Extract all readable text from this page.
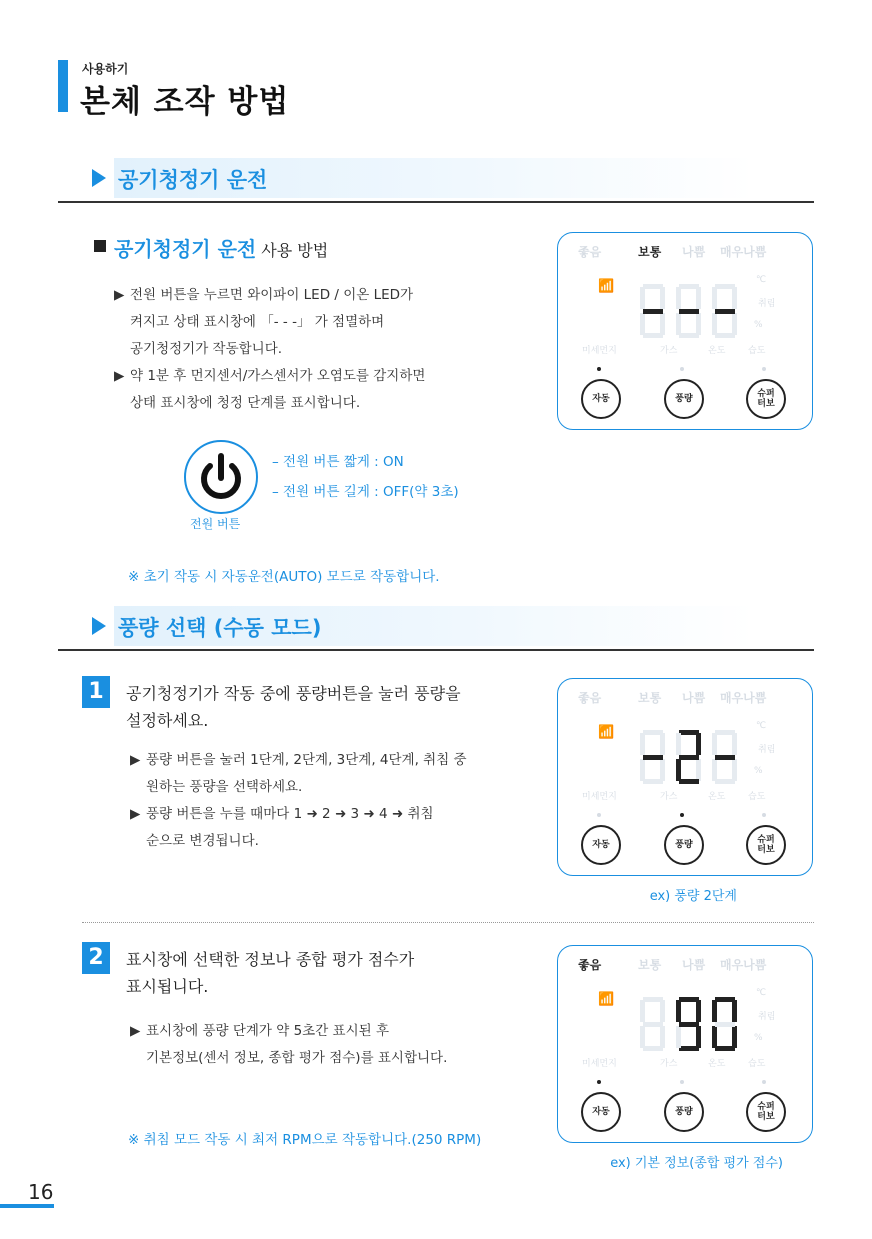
사용하기
본체 조작 방법
공기청정기 운전
공기청정기 운전 사용 방법
▶ 전원 버튼을 누르면 와이파이 LED / 이온 LED가
켜지고 상태 표시창에 「- - -」 가 점멸하며
공기청정기가 작동합니다.
▶ 약 1분 후 먼지센서/가스센서가 오염도를 감지하면
상태 표시창에 청정 단계를 표시합니다.
전원 버튼
– 전원 버튼 짧게 : ON
– 전원 버튼 길게 : OFF(약 3초)
※ 초기 작동 시 자동운전(AUTO) 모드로 작동합니다.
풍량 선택 (수동 모드)
1	공기청정기가 작동 중에 풍량버튼을 눌러 풍량을
설정하세요.
▶ 풍량 버튼을 눌러 1단계, 2단계, 3단계, 4단계, 취침 중
원하는 풍량을 선택하세요.
▶ 풍량 버튼을 누를 때마다 1 ➜ 2 ➜ 3 ➜ 4 ➜ 취침
순으로 변경됩니다.
2	표시창에 선택한 정보나 종합 평가 점수가
표시됩니다.
▶ 표시창에 풍량 단계가 약 5초간 표시된 후
기본정보(센서 정보, 종합 평가 점수)를 표시합니다.
※ 취침 모드 작동 시 최저 RPM으로 작동합니다.(250 RPM)
좋음	보통 나쁨 매우나쁨
📶	℃
취림
%
미세먼지	가스	온도	습도
자동	풍량	슈퍼
터보
좋음	보통 나쁨 매우나쁨
📶	℃
취림
%
미세먼지	가스	온도	습도
자동	풍량	슈퍼
터보
ex) 풍량 2단계
좋음	보통 나쁨 매우나쁨
📶	℃
취림
%
미세먼지	가스	온도	습도
자동	풍량	슈퍼
터보
ex) 기본 정보(종합 평가 점수)
16
